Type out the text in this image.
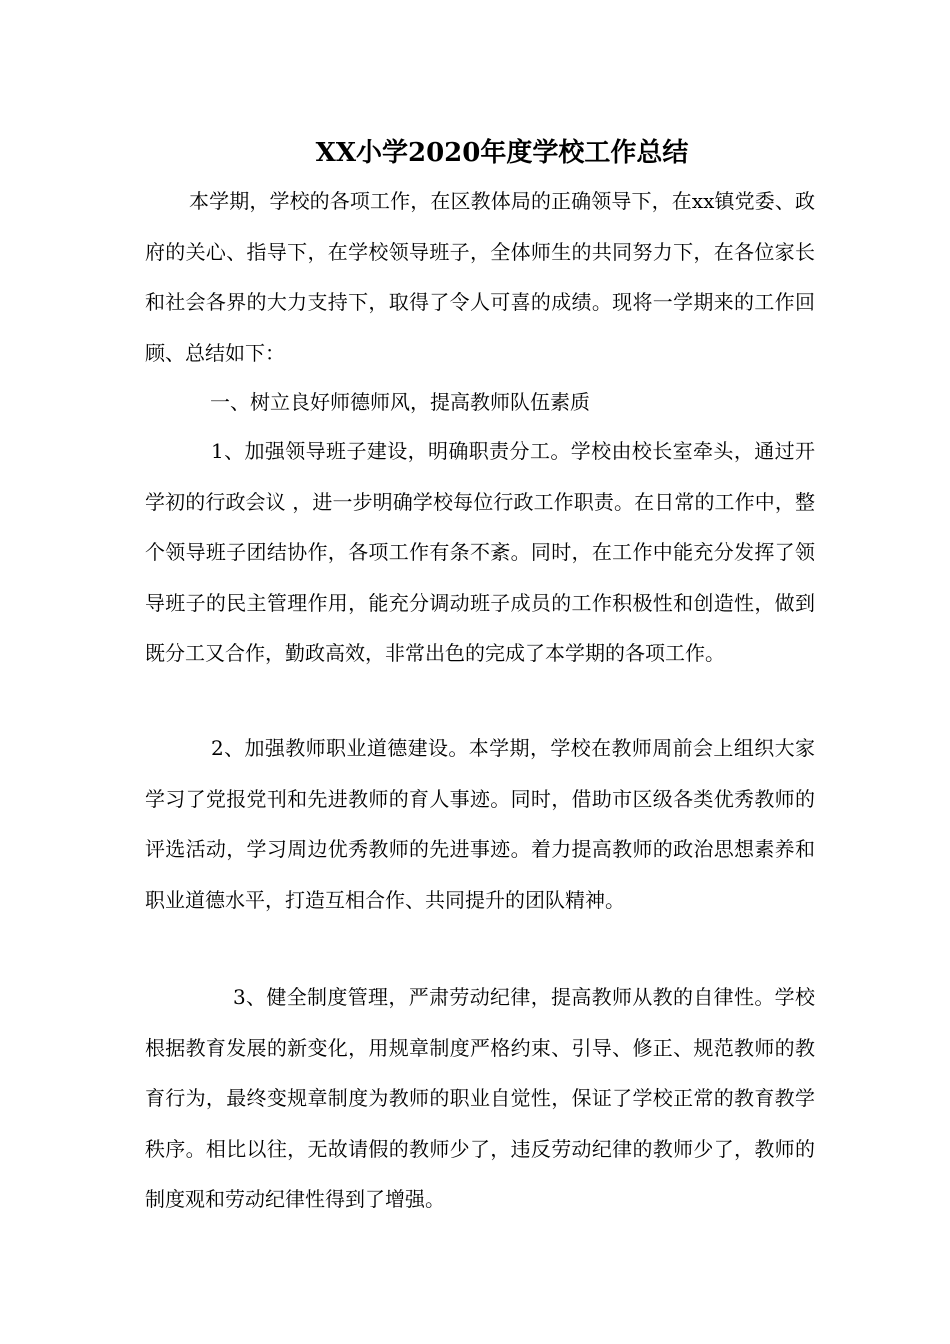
XX小学2020年度学校工作总结

本学期，学校的各项工作，在区教体局的正确领导下，在xx镇党委、政府的关心、指导下，在学校领导班子，全体师生的共同努力下，在各位家长和社会各界的大力支持下，取得了令人可喜的成绩。现将一学期来的工作回顾、总结如下：

一、树立良好师德师风，提高教师队伍素质

1、加强领导班子建设，明确职责分工。学校由校长室牵头，通过开学初的行政会议 ，进一步明确学校每位行政工作职责。在日常的工作中，整个领导班子团结协作，各项工作有条不紊。同时，在工作中能充分发挥了领导班子的民主管理作用，能充分调动班子成员的工作积极性和创造性，做到既分工又合作，勤政高效，非常出色的完成了本学期的各项工作。

2、加强教师职业道德建设。本学期，学校在教师周前会上组织大家学习了党报党刊和先进教师的育人事迹。同时，借助市区级各类优秀教师的评选活动，学习周边优秀教师的先进事迹。着力提高教师的政治思想素养和职业道德水平，打造互相合作、共同提升的团队精神。

3、健全制度管理，严肃劳动纪律，提高教师从教的自律性。学校根据教育发展的新变化，用规章制度严格约束、引导、修正、规范教师的教育行为，最终变规章制度为教师的职业自觉性，保证了学校正常的教育教学秩序。相比以往，无故请假的教师少了，违反劳动纪律的教师少了，教师的制度观和劳动纪律性得到了增强。
